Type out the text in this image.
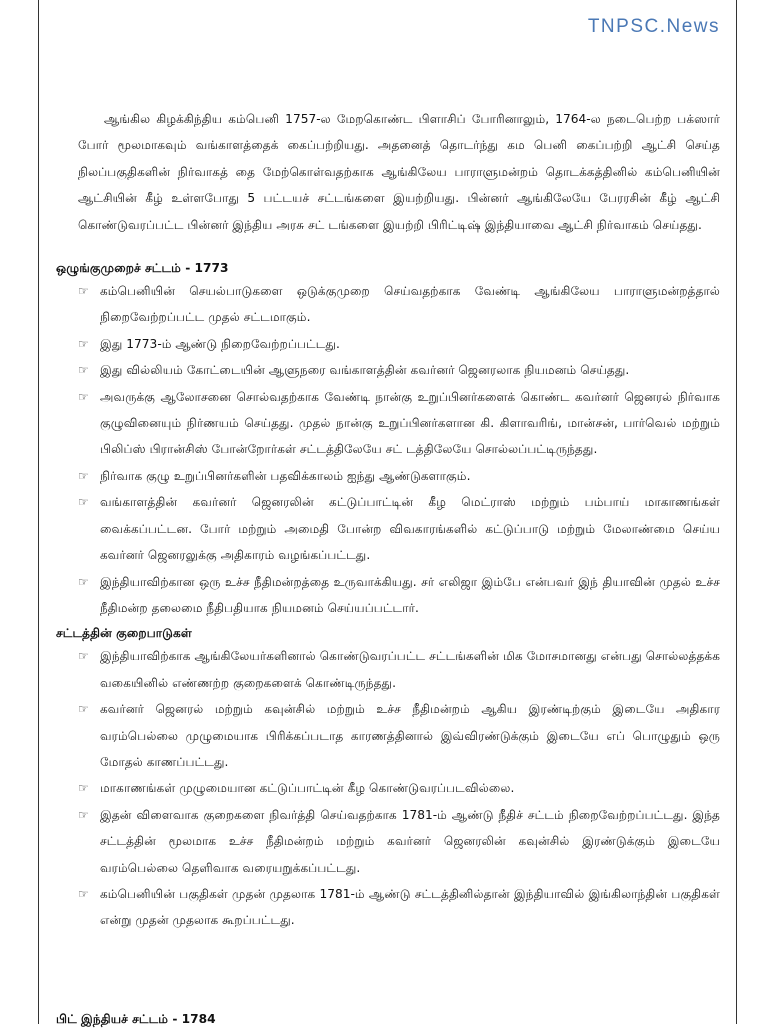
TNPSC.News

ஆங்கில கிழக்கிந்திய கம்பெனி 1757-ல மேறகொண்ட பிளாசிப் போரினாலும், 1764-ல நடைபெற்ற பக்ஸார் போர் மூலமாகவும் வங்காளத்தைக் கைப்பற்றியது. அதனைத் தொடர்ந்து கம பெனி கைப்பற்றி ஆட்சி செய்த நிலப்பகுதிகளின் நிர்வாகத் தை மேற்கொள்வதற்காக ஆங்கிலேய பாராளுமன்றம் தொடக்கத்தினில் கம்பெனியின் ஆட்சியின் கீழ் உள்ளபோது 5 பட்டயச் சட்டங்களை இயற்றியது. பின்னர் ஆங்கிலேயே பேரரசின் கீழ் ஆட்சி கொண்டுவரப்பட்ட பின்னர் இந்திய அரசு சட் டங்களை இயற்றி பிரிட்டிஷ் இந்தியாவை ஆட்சி நிர்வாகம் செய்தது.

ஒழுங்குமுறைச் சட்டம் - 1773
☞ கம்பெனியின் செயல்பாடுகளை ஒடுக்குமுறை செய்வதற்காக வேண்டி ஆங்கிலேய பாராளுமன்றத்தால் நிறைவேற்றப்பட்ட முதல் சட்டமாகும்.
☞ இது 1773-ம் ஆண்டு நிறைவேற்றப்பட்டது.
☞ இது வில்லியம் கோட்டையின் ஆளுநரை வங்காளத்தின் கவர்னர் ஜெனரலாக நியமனம் செய்தது.
☞ அவருக்கு ஆலோசனை சொல்வதற்காக வேண்டி நான்கு உறுப்பினர்களைக் கொண்ட கவர்னர் ஜெனரல் நிர்வாக குழுவினையும் நிர்ணயம் செய்தது. முதல் நான்கு உறுப்பினர்களான கி. கிளாவரிங், மான்சன், பார்வெல் மற்றும் பிலிப்ஸ் பிரான்சிஸ் போன்றோர்கள் சட்டத்திலேயே சட் டத்திலேயே சொல்லப்பட்டிருந்தது.
☞ நிர்வாக குழு உறுப்பினர்களின் பதவிக்காலம் ஐந்து ஆண்டுகளாகும்.
☞ வங்காளத்தின் கவர்னர் ஜெனரலின் கட்டுப்பாட்டின் கீழ மெட்ராஸ் மற்றும் பம்பாய் மாகாணங்கள் வைக்கப்பட்டன. போர் மற்றும் அமைதி போன்ற விவகாரங்களில் கட்டுப்பாடு மற்றும் மேலாண்மை செய்ய கவர்னர் ஜெனரலுக்கு அதிகாரம் வழங்கப்பட்டது.
☞ இந்தியாவிற்கான ஒரு உச்ச நீதிமன்றத்தை உருவாக்கியது. சர் எலிஜா இம்பே என்பவர் இந் தியாவின் முதல் உச்ச நீதிமன்ற தலைமை நீதிபதியாக நியமனம் செய்யப்பட்டார்.
சட்டத்தின் குறைபாடுகள்
☞ இந்தியாவிற்காக ஆங்கிலேயர்களினால் கொண்டுவரப்பட்ட சட்டங்களின் மிக மோசமானது என்பது சொல்லத்தக்க வகையினில் எண்ணற்ற குறைகளைக் கொண்டிருந்தது.
☞ கவர்னர் ஜெனரல் மற்றும் கவுன்சில் மற்றும் உச்ச நீதிமன்றம் ஆகிய இரண்டிற்கும் இடையே அதிகார வரம்பெல்லை முழுமையாக பிரிக்கப்படாத காரணத்தினால் இவ்விரண்டுக்கும் இடையே எப் பொழுதும் ஒரு மோதல் காணப்பட்டது.
☞ மாகாணங்கள் முழுமையான கட்டுப்பாட்டின் கீழ கொண்டுவரப்படவில்லை.
☞ இதன் விளைவாக குறைகளை நிவர்த்தி செய்வதற்காக 1781-ம் ஆண்டு நீதிச் சட்டம் நிறைவேற்றப்பட்டது. இந்த சட்டத்தின் மூலமாக உச்ச நீதிமன்றம் மற்றும் கவர்னர் ஜெனரலின் கவுன்சில் இரண்டுக்கும் இடையே வரம்பெல்லை தெளிவாக வரையறுக்கப்பட்டது.
☞ கம்பெனியின் பகுதிகள் முதன் முதலாக 1781-ம் ஆண்டு சட்டத்தினில்தான் இந்தியாவில் இங்கிலாந்தின் பகுதிகள் என்று முதன் முதலாக கூறப்பட்டது.
பிட் இந்தியச் சட்டம் - 1784
